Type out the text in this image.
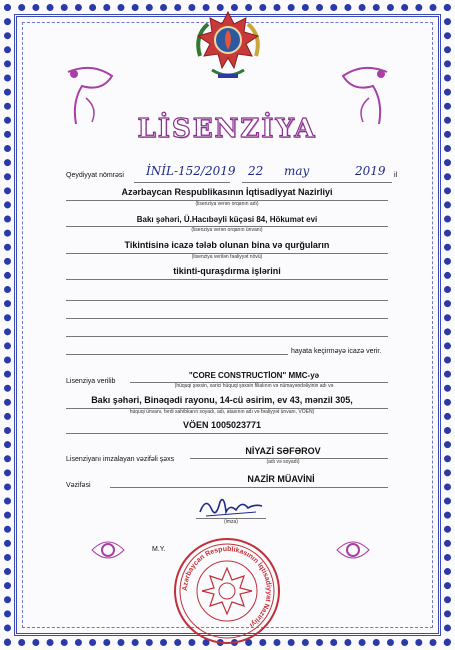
LİSENZİYA
Qeydiyyat nömrəsi İNİL-152/2019 22 may	2019 il
Azərbaycan Respublikasının İqtisadiyyat Nazirliyi
(lisenziya verən orqanın adı)
Bakı şəhəri, Ü.Hacıbəyli küçəsi 84, Hökumət evi
(lisenziya verən orqanın ünvanı)
Tikintisinə icazə tələb olunan bina və qurğuların
(lisenziya verilən fəaliyyət növü)
tikinti-quraşdırma işlərini
hayata keçirməyə icazə verir.
Lisenziya verilib
"CORE CONSTRUCTİON" MMC-yə
(hüquqi şəxsin, xarici hüquqi şəxsin filialının və nümayəndəliyinin adı və
Bakı şəhəri, Binəqədi rayonu, 14-cü əsirim, ev 43, mənzil 305,
hüquqi ünvanı, fərdi sahibkarın soyadı, adı, atasının adı və fəaliyyət ünvanı, VÖEN)
VÖEN 1005023771
Lisenziyanı imzalayan vəzifəli şəxs
NİYAZİ SƏFƏROV
(adı və soyadı)
Vəzifəsi
NAZİR MÜAVİNİ
(imza)
M.Y.
Azərbaycan Respublikasının İqtisadiyyat Nazirliyi
